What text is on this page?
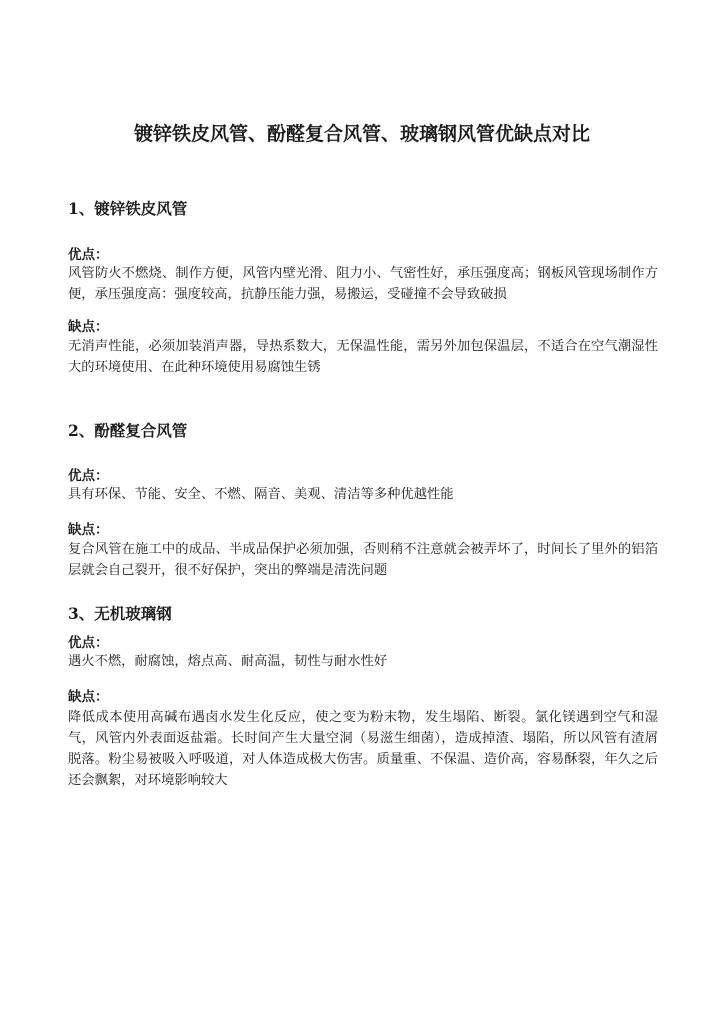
镀锌铁皮风管、酚醛复合风管、玻璃钢风管优缺点对比
1、镀锌铁皮风管

优点：

风管防火不燃烧、制作方便，风管内壁光滑、阻力小、气密性好，承压强度高；钢板风管现场制作方便，承压强度高：强度较高，抗静压能力强，易搬运，受碰撞不会导致破损

缺点：

无消声性能，必须加装消声器，导热系数大，无保温性能，需另外加包保温层，不适合在空气潮湿性大的环境使用、在此种环境使用易腐蚀生锈

2、酚醛复合风管

优点：

具有环保、节能、安全、不燃、隔音、美观、清洁等多种优越性能

缺点：

复合风管在施工中的成品、半成品保护必须加强，否则稍不注意就会被弄坏了，时间长了里外的铝箔层就会自己裂开，很不好保护，突出的弊端是清洗问题

3、无机玻璃钢

优点：

遇火不燃，耐腐蚀，熔点高、耐高温，韧性与耐水性好

缺点：

降低成本使用高碱布遇卤水发生化反应，使之变为粉末物，发生塌陷、断裂。氯化镁遇到空气和湿气，风管内外表面返盐霜。长时间产生大量空洞（易滋生细菌），造成掉渣、塌陷，所以风管有渣屑脱落。粉尘易被吸入呼吸道，对人体造成极大伤害。质量重、不保温、造价高，容易酥裂，年久之后还会飘絮，对环境影响较大
